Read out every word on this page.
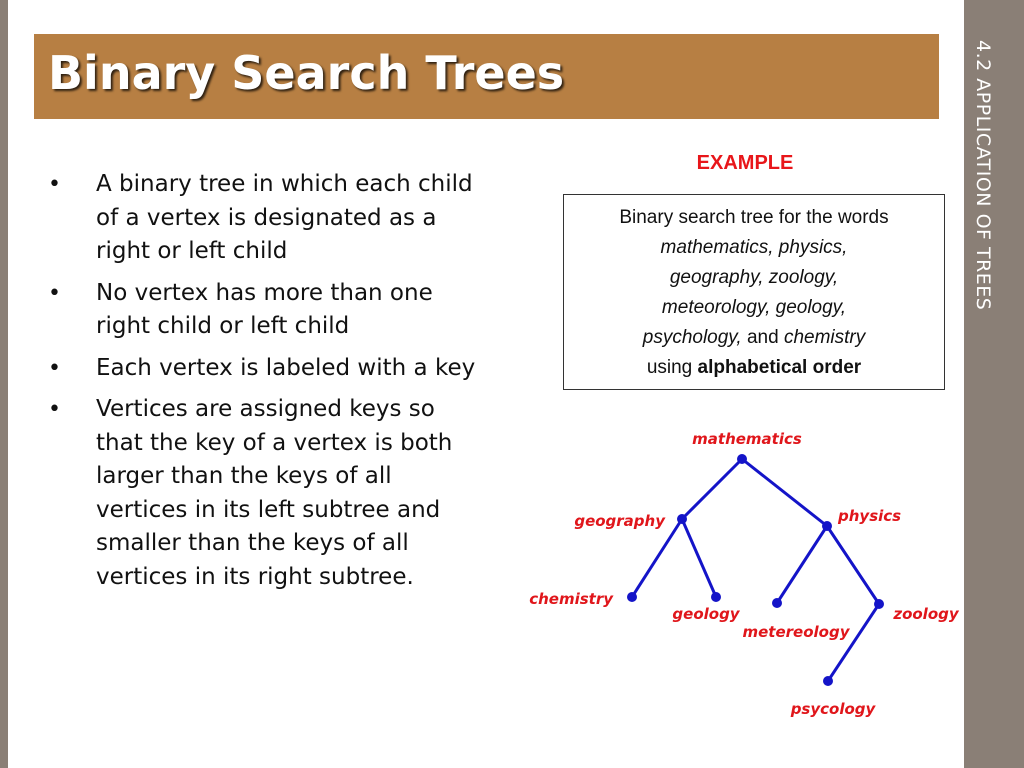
Binary Search Trees	4.2 APPLICATION OF TREES
• A binary tree in which each child of a vertex is designated as a right or left child
• No vertex has more than one right child or left child
• Each vertex is labeled with a key
• Vertices are assigned keys so that the key of a vertex is both larger than the keys of all vertices in its left subtree and smaller than the keys of all vertices in its right subtree.
EXAMPLE
Binary search tree for the words
mathematics, physics,
geography, zoology,
meteorology, geology,
psychology, and chemistry
using alphabetical order
mathematics
geography	physics
chemistry
geology
metereology
zoology
psycology
